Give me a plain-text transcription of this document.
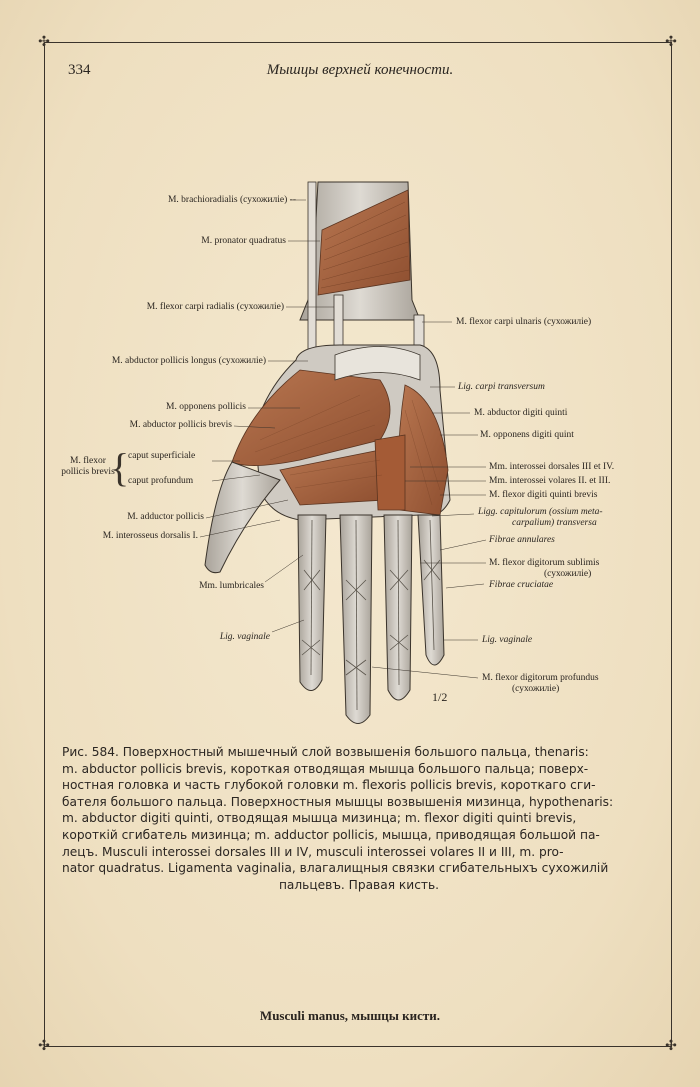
✣	✣
✣	✣
334	Мышцы верхней конечности.
M. brachioradialis (сухожиліе) --
M. pronator quadratus
M. flexor carpi radialis (сухожиліе)
M. abductor pollicis longus (сухожиліе)
M. opponens pollicis
M. abductor pollicis brevis
M. flexor pollicis brevis
{
caput superficiale
caput profundum
M. adductor pollicis
M. interosseus dorsalis I.
Mm. lumbricales
Lig. vaginale
M. flexor carpi ulnaris (сухожиліе)
Lig. carpi transversum
M. abductor digiti quinti
M. opponens digiti quint
Mm. interossei dorsales III et IV.
Mm. interossei volares II. et III.
M. flexor digiti quinti brevis
Ligg. capitulorum (ossium meta-
carpalium) transversa
Fibrae annulares
M. flexor digitorum sublimis
(сухожиліе)
Fibrae cruciatae
Lig. vaginale
M. flexor digitorum profundus
(сухожиліе)
1/2
Рис. 584. Поверхностный мышечный слой возвышенія большого пальца, thenaris:
m. abductor pollicis brevis, короткая отводящая мышца большого пальца; поверх-
ностная головка и часть глубокой головки m. flexoris pollicis brevis, короткаго сги-
бателя большого пальца. Поверхностныя мышцы возвышенія мизинца, hypothenaris:
m. abductor digiti quinti, отводящая мышца мизинца; m. flexor digiti quinti brevis,
короткій сгибатель мизинца; m. adductor pollicis, мышца, приводящая большой па-
лецъ. Musculi interossei dorsales III и IV, musculi interossei volares II и III, m. pro-
nator quadratus. Ligamenta vaginalia, влагалищныя связки сгибательныхъ сухожилій
пальцевъ. Правая кисть.
Musculi manus, мышцы кисти.
